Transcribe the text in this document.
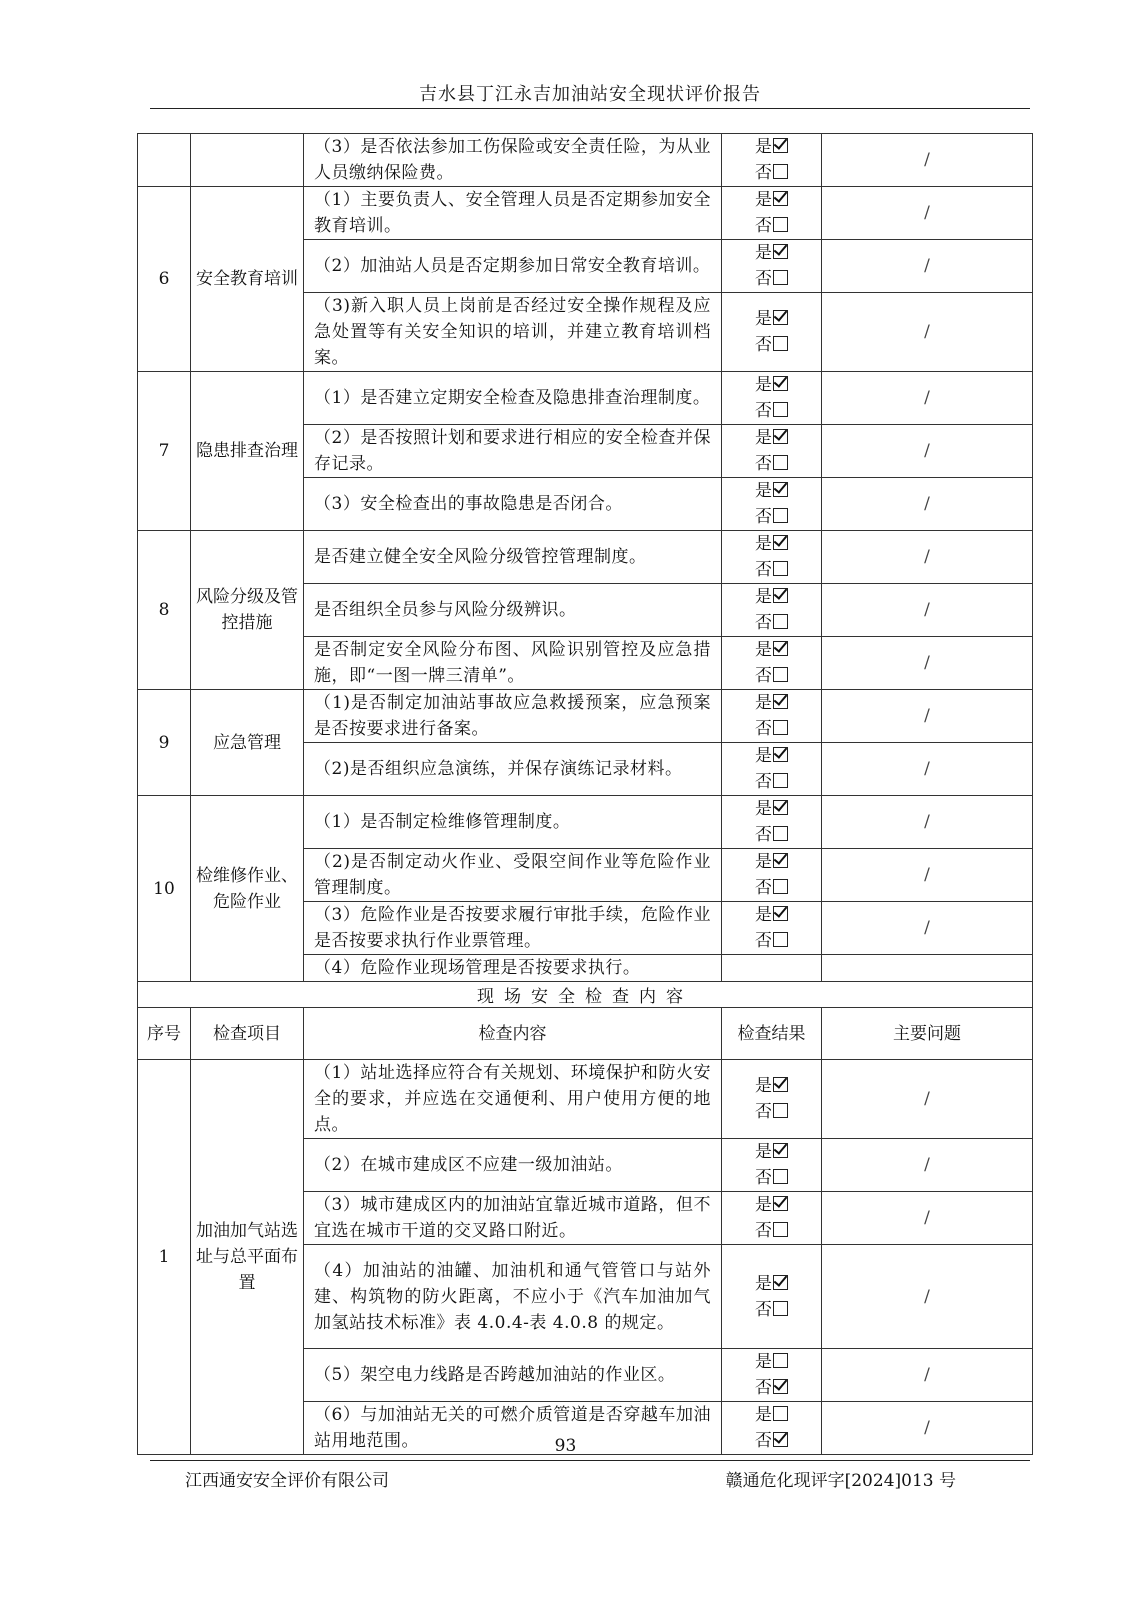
吉水县丁江永吉加油站安全现状评价报告
		（3）是否依法参加工伤保险或安全责任险，为从业人员缴纳保险费。	是
否	/
6	安全教育培训	（1）主要负责人、安全管理人员是否定期参加安全教育培训。	是
否	/
		（2）加油站人员是否定期参加日常安全教育培训。	是
否	/
		（3)新入职人员上岗前是否经过安全操作规程及应急处置等有关安全知识的培训，并建立教育培训档案。	是
否	/
7	隐患排查治理	（1）是否建立定期安全检查及隐患排查治理制度。	是
否	/
		（2）是否按照计划和要求进行相应的安全检查并保存记录。	是
否	/
		（3）安全检查出的事故隐患是否闭合。	是
否	/
8	风险分级及管控措施	是否建立健全安全风险分级管控管理制度。	是
否	/
		是否组织全员参与风险分级辨识。	是
否	/
		是否制定安全风险分布图、风险识别管控及应急措施，即“一图一牌三清单”。	是
否	/
9	应急管理	（1)是否制定加油站事故应急救援预案，应急预案是否按要求进行备案。	是
否	/
		（2)是否组织应急演练，并保存演练记录材料。	是
否	/
10	检维修作业、危险作业	（1）是否制定检维修管理制度。	是
否	/
		（2)是否制定动火作业、受限空间作业等危险作业管理制度。	是
否	/
		（3）危险作业是否按要求履行审批手续，危险作业是否按要求执行作业票管理。	是
否	/
		（4）危险作业现场管理是否按要求执行。		
现场安全检查内容				
序号	检查项目	检查内容	检查结果	主要问题
1	加油加气站选址与总平面布置	（1）站址选择应符合有关规划、环境保护和防火安全的要求，并应选在交通便利、用户使用方便的地点。	是
否	/
		（2）在城市建成区不应建一级加油站。	是
否	/
		（3）城市建成区内的加油站宜靠近城市道路，但不宜选在城市干道的交叉路口附近。	是
否	/
		（4）加油站的油罐、加油机和通气管管口与站外建、构筑物的防火距离，不应小于《汽车加油加气加氢站技术标准》表 4.0.4-表 4.0.8 的规定。	是
否	/
		（5）架空电力线路是否跨越加油站的作业区。	是
否	/
		（6）与加油站无关的可燃介质管道是否穿越车加油站用地范围。	是
否	/
93
江西通安安全评价有限公司	赣通危化现评字[2024]013 号
